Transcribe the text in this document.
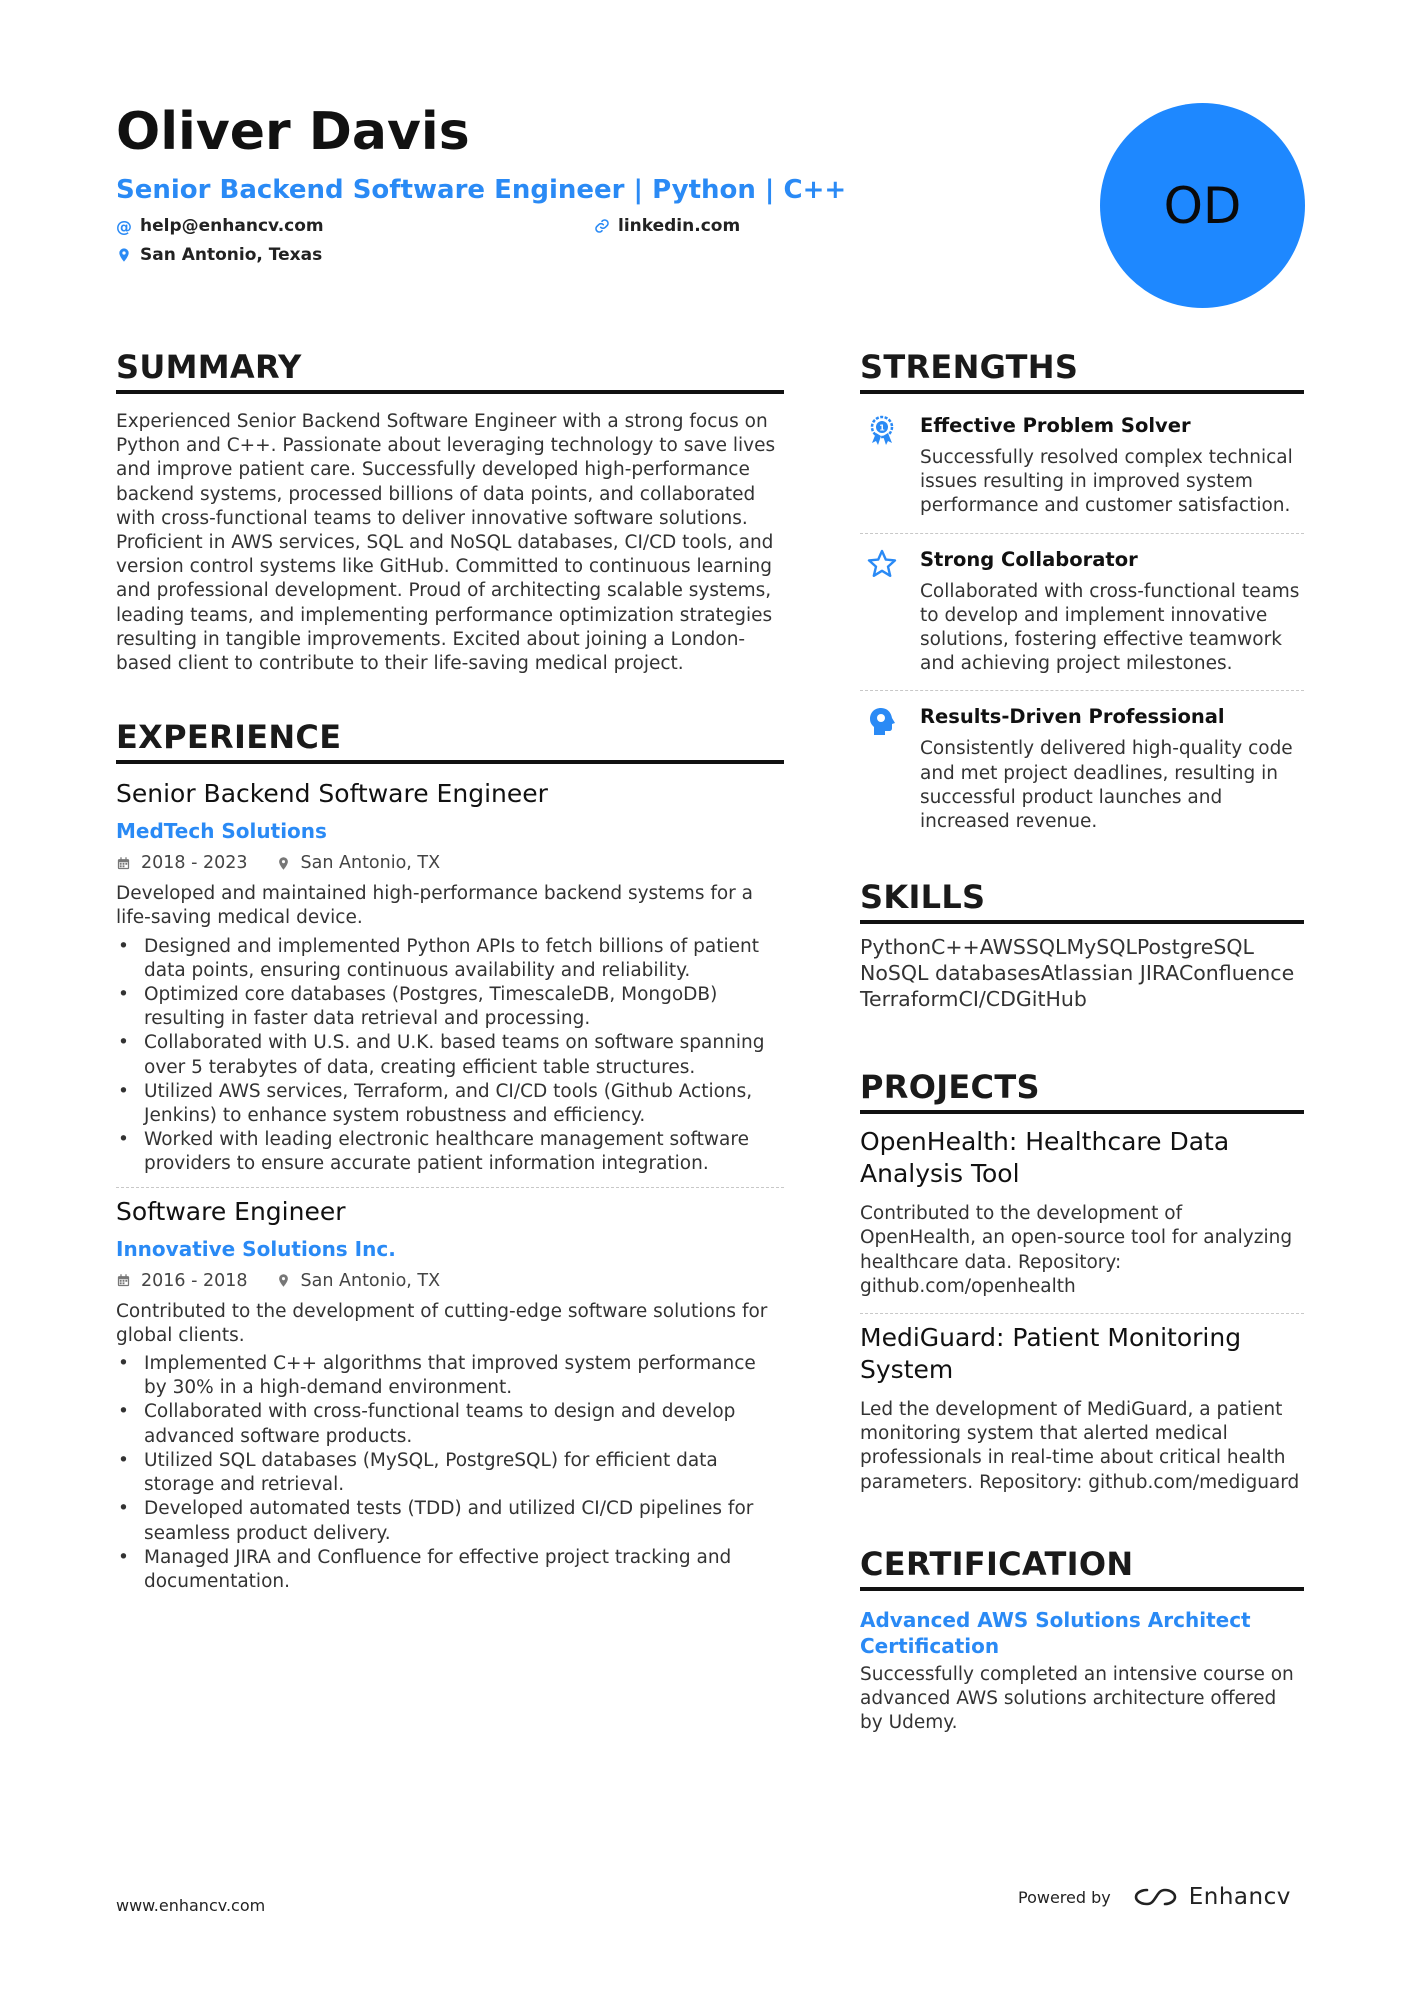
Oliver Davis
Senior Backend Software Engineer | Python | C++
@ help@enhancv.com	linkedin.com
San Antonio, Texas
OD
SUMMARY

Experienced Senior Backend Software Engineer with a strong focus on Python and C++. Passionate about leveraging technology to save lives and improve patient care. Successfully developed high-performance backend systems, processed billions of data points, and collaborated with cross-functional teams to deliver innovative software solutions. Proficient in AWS services, SQL and NoSQL databases, CI/CD tools, and version control systems like GitHub. Committed to continuous learning and professional development. Proud of architecting scalable systems, leading teams, and implementing performance optimization strategies resulting in tangible improvements. Excited about joining a London-based client to contribute to their life-saving medical project.

EXPERIENCE
Senior Backend Software Engineer
MedTech Solutions
2018 - 2023	San Antonio, TX

Developed and maintained high-performance backend systems for a life-saving medical device.

• Designed and implemented Python APIs to fetch billions of patient data points, ensuring continuous availability and reliability.
• Optimized core databases (Postgres, TimescaleDB, MongoDB) resulting in faster data retrieval and processing.
• Collaborated with U.S. and U.K. based teams on software spanning over 5 terabytes of data, creating efficient table structures.
• Utilized AWS services, Terraform, and CI/CD tools (Github Actions, Jenkins) to enhance system robustness and efficiency.
• Worked with leading electronic healthcare management software providers to ensure accurate patient information integration.
Software Engineer
Innovative Solutions Inc.
2016 - 2018	San Antonio, TX

Contributed to the development of cutting-edge software solutions for global clients.

• Implemented C++ algorithms that improved system performance by 30% in a high-demand environment.
• Collaborated with cross-functional teams to design and develop advanced software products.
• Utilized SQL databases (MySQL, PostgreSQL) for efficient data storage and retrieval.
• Developed automated tests (TDD) and utilized CI/CD pipelines for seamless product delivery.
• Managed JIRA and Confluence for effective project tracking and documentation.
STRENGTHS
1 Effective Problem Solver

Successfully resolved complex technical issues resulting in improved system performance and customer satisfaction.

Strong Collaborator

Collaborated with cross-functional teams to develop and implement innovative solutions, fostering effective teamwork and achieving project milestones.

Results-Driven Professional

Consistently delivered high-quality code and met project deadlines, resulting in successful product launches and increased revenue.

SKILLS
PythonC++AWSSQLMySQLPostgreSQL
NoSQL databasesAtlassian JIRAConfluence
TerraformCI/CDGitHub
PROJECTS
OpenHealth: Healthcare Data Analysis Tool

Contributed to the development of OpenHealth, an open-source tool for analyzing healthcare data. Repository: github.com/openhealth

MediGuard: Patient Monitoring System

Led the development of MediGuard, a patient monitoring system that alerted medical professionals in real-time about critical health parameters. Repository: github.com/mediguard

CERTIFICATION
Advanced AWS Solutions Architect Certification

Successfully completed an intensive course on advanced AWS solutions architecture offered by Udemy.

www.enhancv.com	Powered by	Enhancv
